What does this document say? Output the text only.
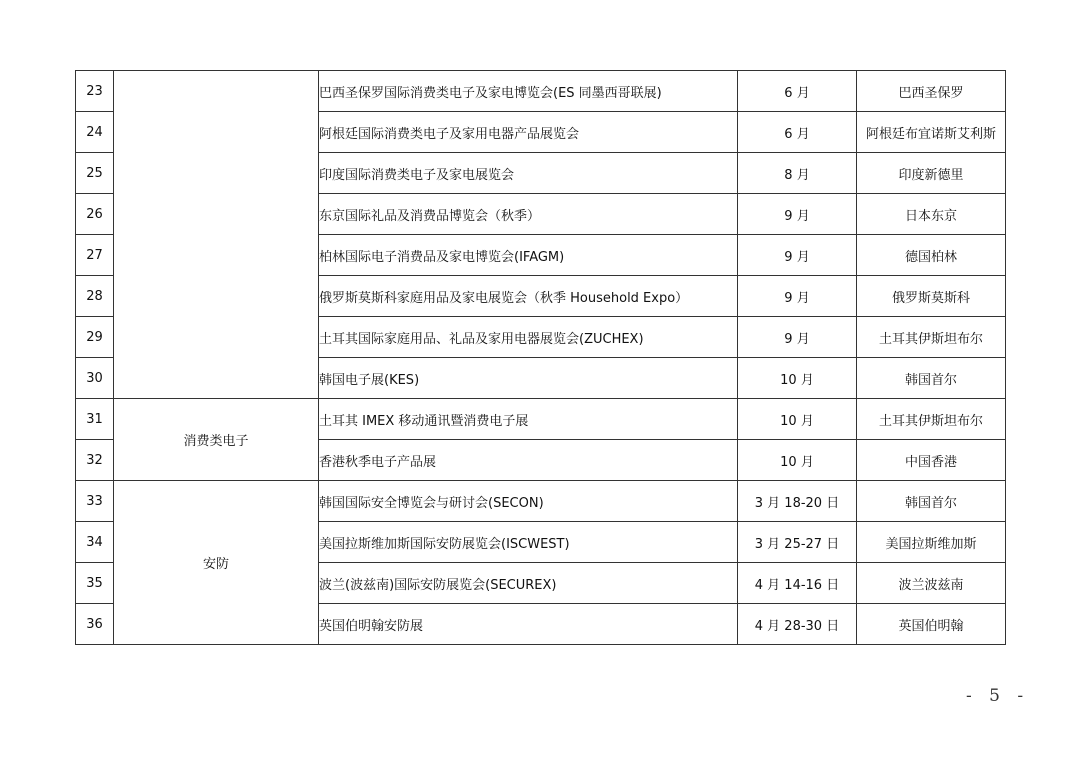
23		巴西圣保罗国际消费类电子及家电博览会(ES 同墨西哥联展)	6 月	巴西圣保罗
24		阿根廷国际消费类电子及家用电器产品展览会	6 月	阿根廷布宜诺斯艾利斯
25		印度国际消费类电子及家电展览会	8 月	印度新德里
26		东京国际礼品及消费品博览会（秋季）	9 月	日本东京
27		柏林国际电子消费品及家电博览会(IFAGM)	9 月	德国柏林
28		俄罗斯莫斯科家庭用品及家电展览会（秋季 Household Expo）	9 月	俄罗斯莫斯科
29		土耳其国际家庭用品、礼品及家用电器展览会(ZUCHEX)	9 月	土耳其伊斯坦布尔
30		韩国电子展(KES)	10 月	韩国首尔
31	消费类电子	土耳其 IMEX 移动通讯暨消费电子展	10 月	土耳其伊斯坦布尔
32		香港秋季电子产品展	10 月	中国香港
33	安防	韩国国际安全博览会与研讨会(SECON)	3 月 18-20 日	韩国首尔
34		美国拉斯维加斯国际安防展览会(ISCWEST)	3 月 25-27 日	美国拉斯维加斯
35		波兰(波兹南)国际安防展览会(SECUREX)	4 月 14-16 日	波兰波兹南
36		英国伯明翰安防展	4 月 28-30 日	英国伯明翰
- 5 -
